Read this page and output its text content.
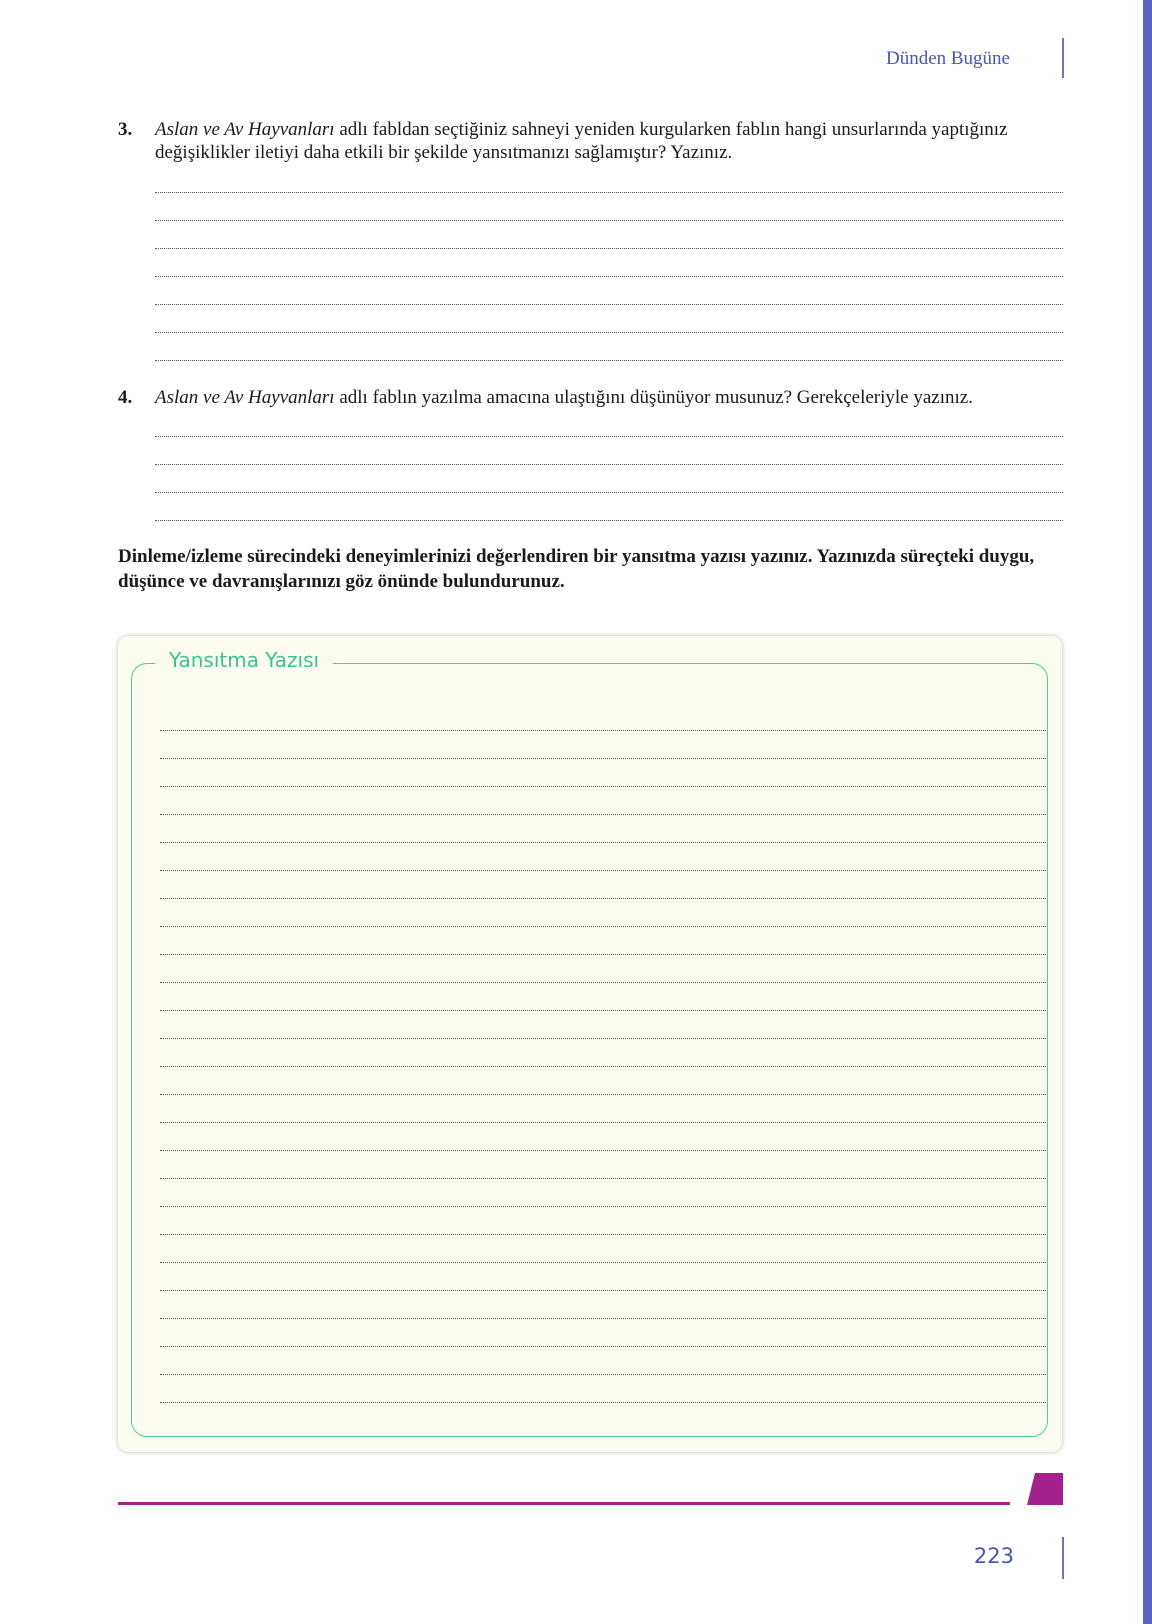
Dünden Bugüne
3. Aslan ve Av Hayvanları adlı fabldan seçtiğiniz sahneyi yeniden kurgularken fablın hangi unsurlarında yaptığınız değişiklikler iletiyi daha etkili bir şekilde yansıtmanızı sağlamıştır? Yazınız.
4. Aslan ve Av Hayvanları adlı fablın yazılma amacına ulaştığını düşünüyor musunuz? Gerekçeleriyle yazınız.
Dinleme/izleme sürecindeki deneyimlerinizi değerlendiren bir yansıtma yazısı yazınız. Yazınızda süreçteki duygu, düşünce ve davranışlarınızı göz önünde bulundurunuz.
Yansıtma Yazısı
223
